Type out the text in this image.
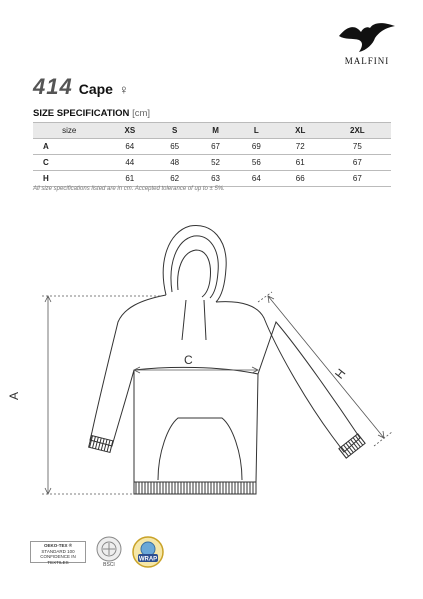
MALFINI
414 Cape ♀
SIZE SPECIFICATION [cm]
size	XS	S	M	L	XL	2XL
A	64	65	67	69	72	75
C	44	48	52	56	61	67
H	61	62	63	64	66	67
All size specifications listed are in cm. Accepted tolerance of up to ± 5%.
A
C
H
OEKO-TEX ®
STANDARD 100
CONFIDENCE IN TEXTILES	BSCI
WRAP
